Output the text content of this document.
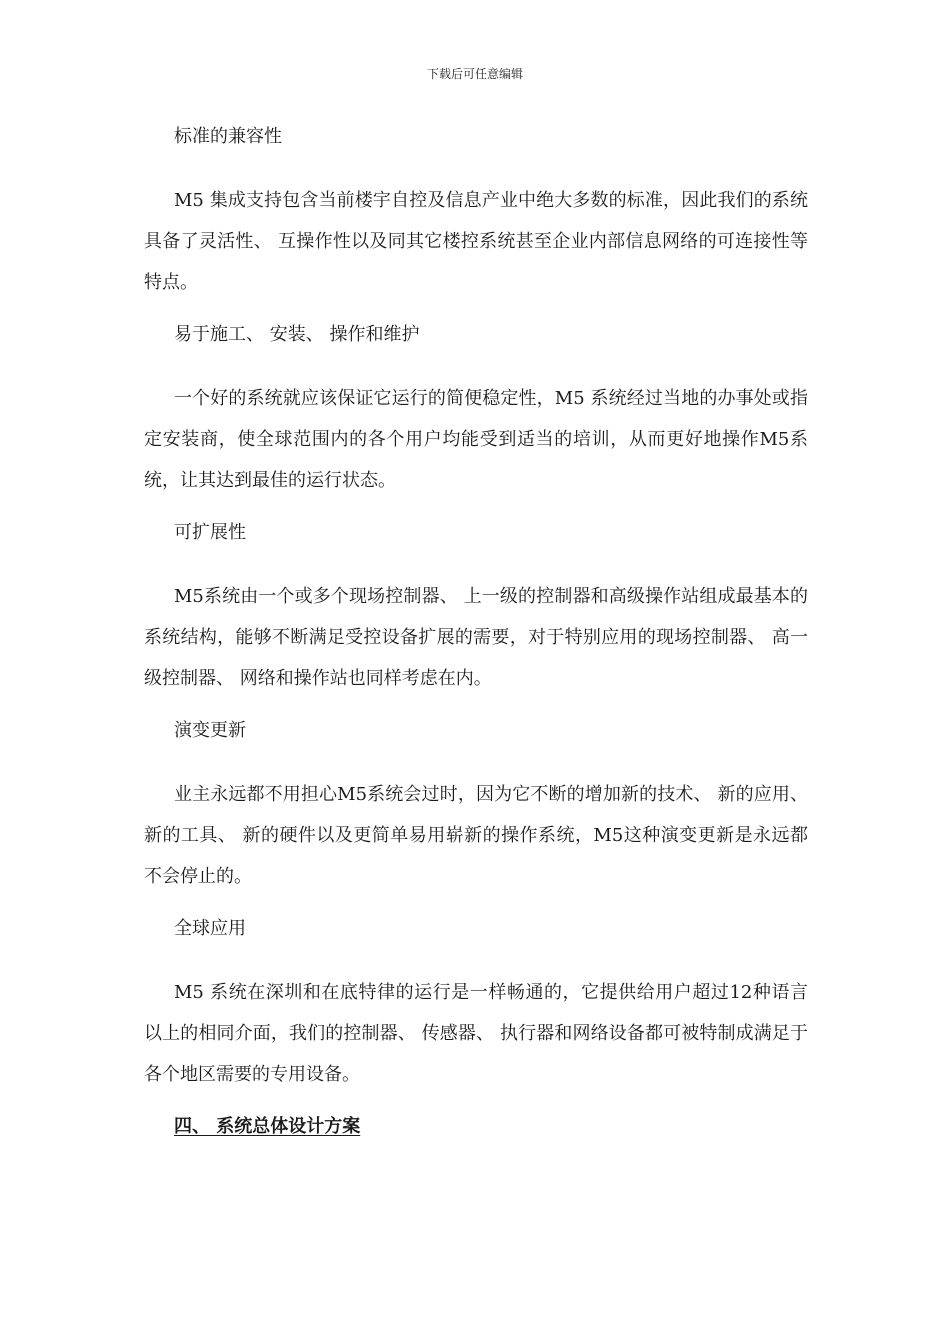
下载后可任意编辑

标准的兼容性

M5 集成支持包含当前楼宇自控及信息产业中绝大多数的标准，因此我们的系统具备了灵活性、 互操作性以及同其它楼控系统甚至企业内部信息网络的可连接性等特点。

易于施工、 安装、 操作和维护

一个好的系统就应该保证它运行的简便稳定性，M5 系统经过当地的办事处或指定安装商，使全球范围内的各个用户均能受到适当的培训，从而更好地操作M5系统，让其达到最佳的运行状态。

可扩展性

M5系统由一个或多个现场控制器、 上一级的控制器和高级操作站组成最基本的系统结构，能够不断满足受控设备扩展的需要，对于特别应用的现场控制器、 高一级控制器、 网络和操作站也同样考虑在内。

演变更新

业主永远都不用担心M5系统会过时，因为它不断的增加新的技术、 新的应用、 新的工具、 新的硬件以及更简单易用崭新的操作系统，M5这种演变更新是永远都不会停止的。

全球应用

M5 系统在深圳和在底特律的运行是一样畅通的，它提供给用户超过12种语言以上的相同介面，我们的控制器、 传感器、 执行器和网络设备都可被特制成满足于各个地区需要的专用设备。

四、 系统总体设计方案
